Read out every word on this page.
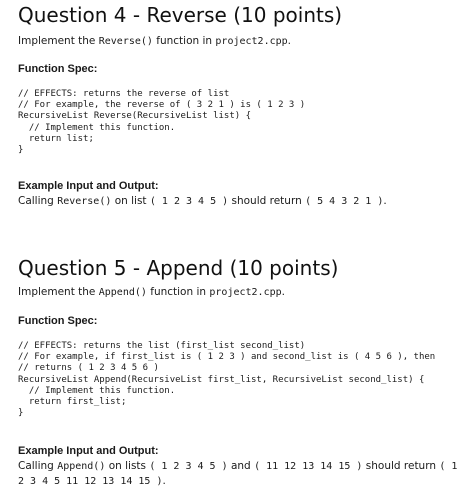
Question 4 - Reverse (10 points)

Implement the Reverse() function in project2.cpp.

Function Spec:

// EFFECTS: returns the reverse of list
// For example, the reverse of ( 3 2 1 ) is ( 1 2 3 )
RecursiveList Reverse(RecursiveList list) {
// Implement this function.
return list;
}

Example Input and Output:

Calling Reverse() on list ( 1 2 3 4 5 ) should return ( 5 4 3 2 1 ).

Question 5 - Append (10 points)

Implement the Append() function in project2.cpp.

Function Spec:

// EFFECTS: returns the list (first_list second_list)
// For example, if first_list is ( 1 2 3 ) and second_list is ( 4 5 6 ), then
// returns ( 1 2 3 4 5 6 )
RecursiveList Append(RecursiveList first_list, RecursiveList second_list) {
// Implement this function.
return first_list;
}

Example Input and Output:

Calling Append() on lists ( 1 2 3 4 5 ) and ( 11 12 13 14 15 ) should return ( 1 2 3 4 5 11 12 13 14 15 ).
